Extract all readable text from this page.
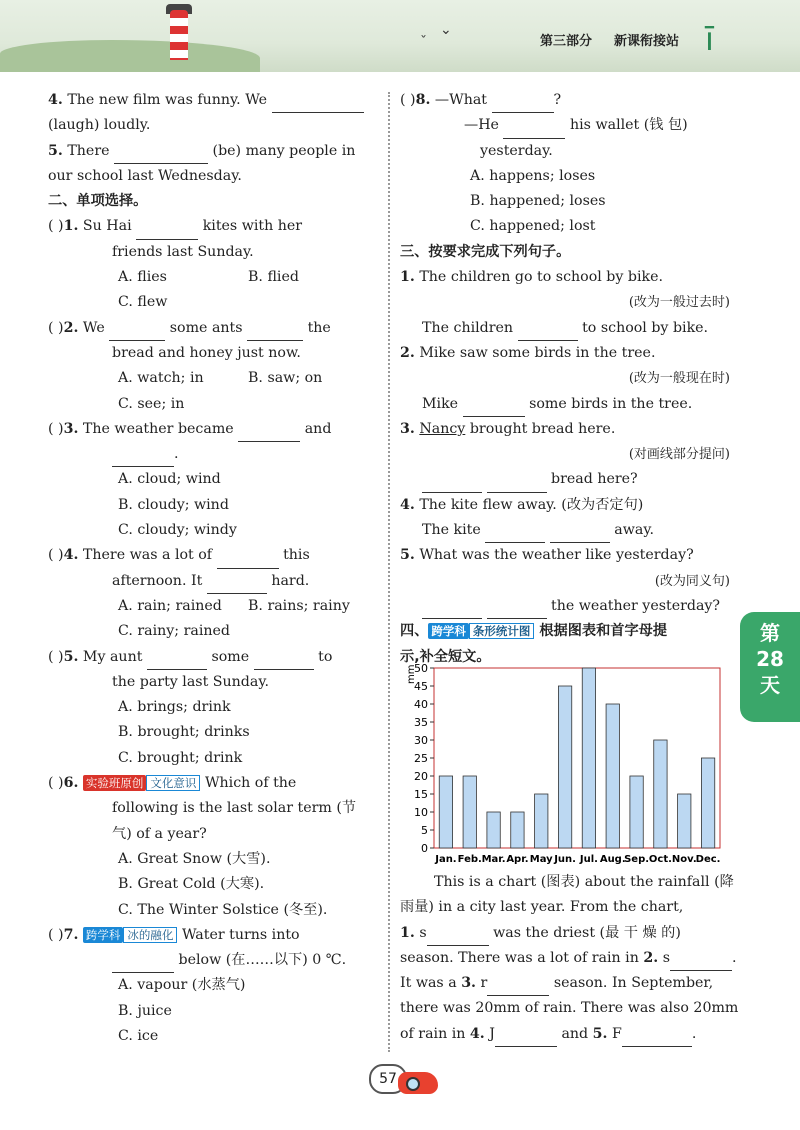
⌄
ˇ	第三部分 新课衔接站 ī

4. The new film was funny. We

(laugh) loudly.

5. There	(be) many people in

our school last Wednesday.

二、单项选择。

( )1. Su Hai	kites with her

friends last Sunday.

A. flies	B. flied

C. flew

( )2. We	some ants	the

bread and honey just now.

A. watch; in	B. saw; on

C. see; in

( )3. The weather became	and

.

A. cloud; wind

B. cloudy; wind

C. cloudy; windy

( )4. There was a lot of	this

afternoon. It	hard.

A. rain; rained	B. rains; rainy

C. rainy; rained

( )5. My aunt	some	to

the party last Sunday.

A. brings; drink

B. brought; drinks

C. brought; drink

( )6. 实验班原创 文化意识 Which of the

following is the last solar term (节

气) of a year?

A. Great Snow (大雪).

B. Great Cold (大寒).

C. The Winter Solstice (冬至).

( )7. 跨学科 冰的融化 Water turns into

below (在……以下) 0 ℃.

A. vapour (水蒸气)

B. juice

C. ice

( )8. —What	?

—He	his wallet (钱 包)

yesterday.

A. happens; loses

B. happened; loses

C. happened; lost

三、按要求完成下列句子。

1. The children go to school by bike.

(改为一般过去时)

The children	to school by bike.

2. Mike saw some birds in the tree.

(改为一般现在时)

Mike	some birds in the tree.

3. Nancy brought bread here.

(对画线部分提问)

bread here?

4. The kite flew away. (改为否定句)

The kite	away.

5. What was the weather like yesterday?

(改为同义句)

the weather yesterday?

四、 跨学科 条形统计图 根据图表和首字母提

示,补全短文。

mm
0
5
10
15
20
25
30
35
40
45
50
Jan. Feb. Mar. Apr. May Jun. Jul. Aug.
Sep. Oct. Nov. Dec.

This is a chart (图表) about the rainfall (降

雨量) in a city last year. From the chart,

1. s	was the driest (最 干 燥 的)

season. There was a lot of rain in 2. s	.

It was a 3. r	season. In September,

there was 20mm of rain. There was also 20mm

of rain in 4. J	and 5. F	.

第
28
天
57
